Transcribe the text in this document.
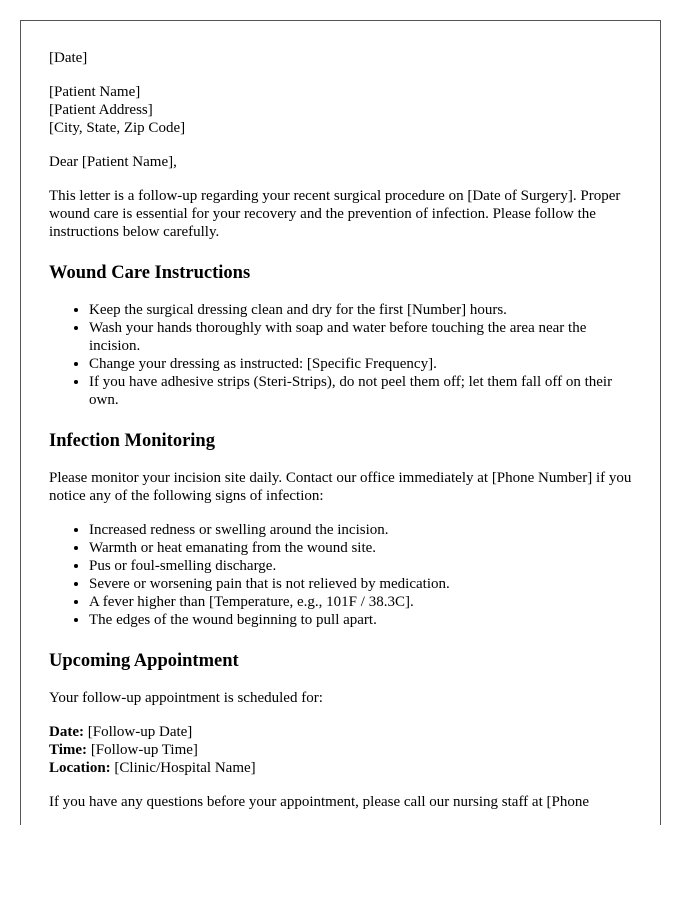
[Date]

[Patient Name]
[Patient Address]
[City, State, Zip Code]

Dear [Patient Name],

This letter is a follow-up regarding your recent surgical procedure on [Date of Surgery]. Proper wound care is essential for your recovery and the prevention of infection. Please follow the instructions below carefully.

Wound Care Instructions
• Keep the surgical dressing clean and dry for the first [Number] hours.
• Wash your hands thoroughly with soap and water before touching the area near the incision.
• Change your dressing as instructed: [Specific Frequency].
• If you have adhesive strips (Steri-Strips), do not peel them off; let them fall off on their own.
Infection Monitoring

Please monitor your incision site daily. Contact our office immediately at [Phone Number] if you notice any of the following signs of infection:

• Increased redness or swelling around the incision.
• Warmth or heat emanating from the wound site.
• Pus or foul-smelling discharge.
• Severe or worsening pain that is not relieved by medication.
• A fever higher than [Temperature, e.g., 101F / 38.3C].
• The edges of the wound beginning to pull apart.
Upcoming Appointment

Your follow-up appointment is scheduled for:

Date: [Follow-up Date]
Time: [Follow-up Time]
Location: [Clinic/Hospital Name]

If you have any questions before your appointment, please call our nursing staff at [Phone
